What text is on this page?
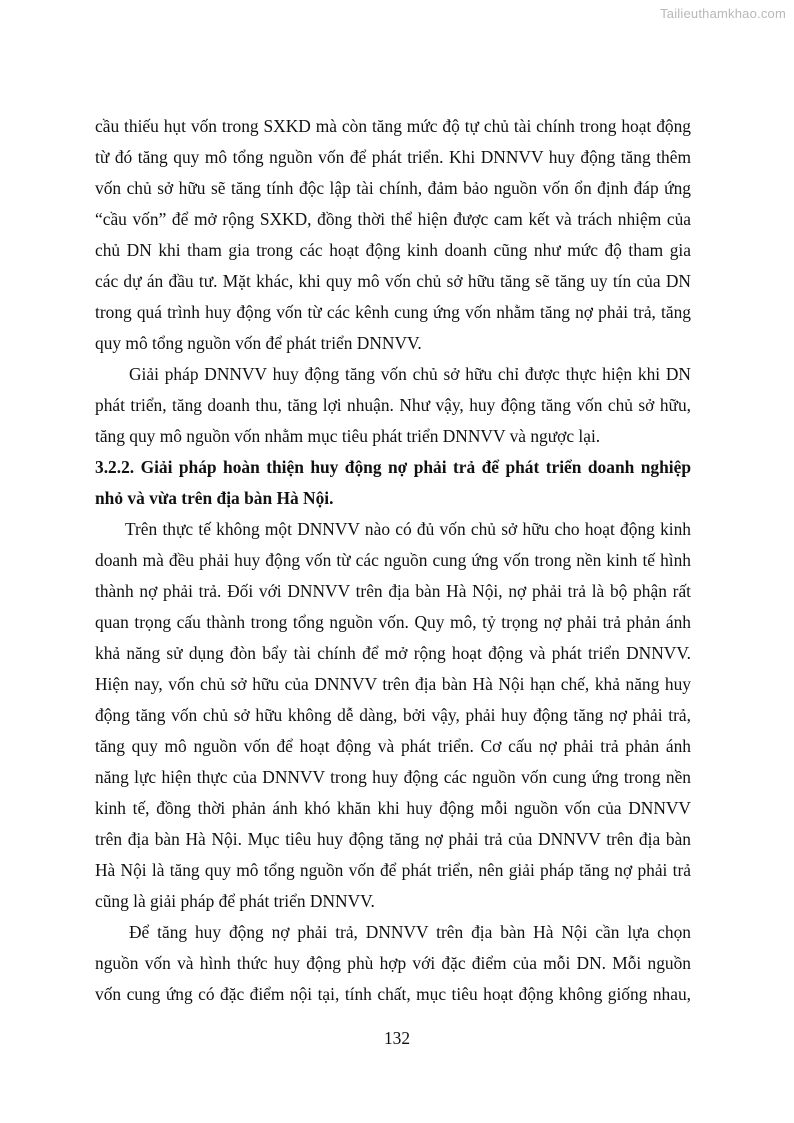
Tailieuthamkhao.com
cầu thiếu hụt vốn trong SXKD mà còn tăng mức độ tự chủ tài chính trong hoạt động
từ đó tăng quy mô tổng nguồn vốn để phát triển. Khi DNNVV huy động tăng thêm
vốn chủ sở hữu sẽ tăng tính độc lập tài chính, đảm bảo nguồn vốn ổn định đáp ứng
“cầu vốn” để mở rộng SXKD, đồng thời thể hiện được cam kết và trách nhiệm của
chủ DN khi tham gia trong các hoạt động kinh doanh cũng như mức độ tham gia
các dự án đầu tư. Mặt khác, khi quy mô vốn chủ sở hữu tăng sẽ tăng uy tín của DN
trong quá trình huy động vốn từ các kênh cung ứng vốn nhằm tăng nợ phải trả, tăng
quy mô tổng nguồn vốn để phát triển DNNVV.
Giải pháp DNNVV huy động tăng vốn chủ sở hữu chỉ được thực hiện khi DN
phát triển, tăng doanh thu, tăng lợi nhuận. Như vậy, huy động tăng vốn chủ sở hữu,
tăng quy mô nguồn vốn nhằm mục tiêu phát triển DNNVV và ngược lại.
3.2.2. Giải pháp hoàn thiện huy động nợ phải trả để phát triển doanh nghiệp
nhỏ và vừa trên địa bàn Hà Nội.
Trên thực tế không một DNNVV nào có đủ vốn chủ sở hữu cho hoạt động kinh
doanh mà đều phải huy động vốn từ các nguồn cung ứng vốn trong nền kinh tế hình
thành nợ phải trả. Đối với DNNVV trên địa bàn Hà Nội, nợ phải trả là bộ phận rất
quan trọng cấu thành trong tổng nguồn vốn. Quy mô, tỷ trọng nợ phải trả phản ánh
khả năng sử dụng đòn bẩy tài chính để mở rộng hoạt động và phát triển DNNVV.
Hiện nay, vốn chủ sở hữu của DNNVV trên địa bàn Hà Nội hạn chế, khả năng huy
động tăng vốn chủ sở hữu không dễ dàng, bởi vậy, phải huy động tăng nợ phải trả,
tăng quy mô nguồn vốn để hoạt động và phát triển. Cơ cấu nợ phải trả phản ánh
năng lực hiện thực của DNNVV trong huy động các nguồn vốn cung ứng trong nền
kinh tế, đồng thời phản ánh khó khăn khi huy động mỗi nguồn vốn của DNNVV
trên địa bàn Hà Nội. Mục tiêu huy động tăng nợ phải trả của DNNVV trên địa bàn
Hà Nội là tăng quy mô tổng nguồn vốn để phát triển, nên giải pháp tăng nợ phải trả
cũng là giải pháp để phát triển DNNVV.
Để tăng huy động nợ phải trả, DNNVV trên địa bàn Hà Nội cần lựa chọn
nguồn vốn và hình thức huy động phù hợp với đặc điểm của mỗi DN. Mỗi nguồn
vốn cung ứng có đặc điểm nội tại, tính chất, mục tiêu hoạt động không giống nhau,
132
